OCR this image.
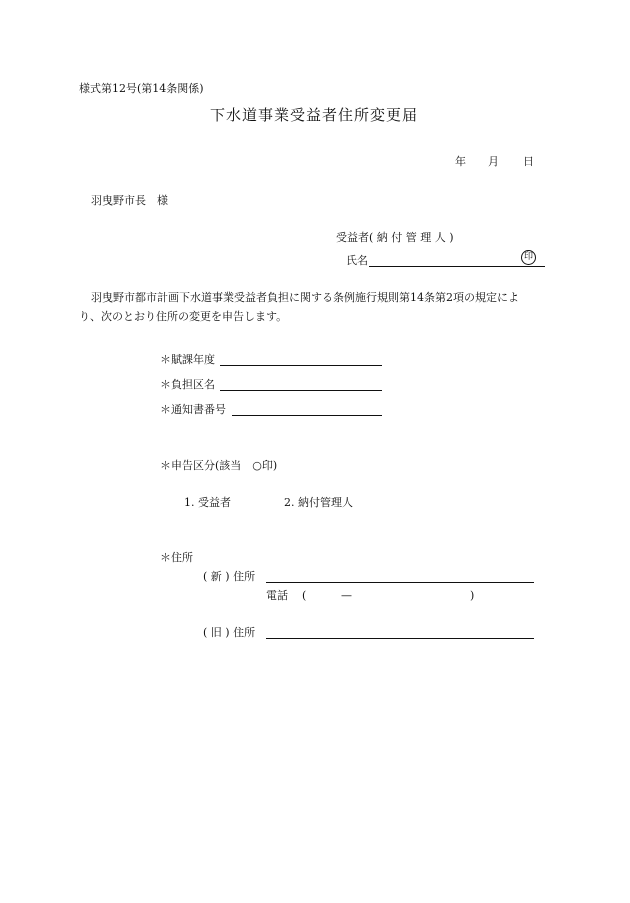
様式第12号(第14条関係)
下水道事業受益者住所変更届
年 月 日
羽曳野市長　様
受益者( 納 付 管 理 人 )
氏名	印
羽曳野市都市計画下水道事業受益者負担に関する条例施行規則第14条第2項の規定によ
り、次のとおり住所の変更を申告します。
＊賦課年度
＊負担区名
＊通知書番号
＊申告区分(該当　○印)
1. 受益者	2. 納付管理人
＊住所
( 新 ) 住所
電話 (	—	)
( 旧 ) 住所
